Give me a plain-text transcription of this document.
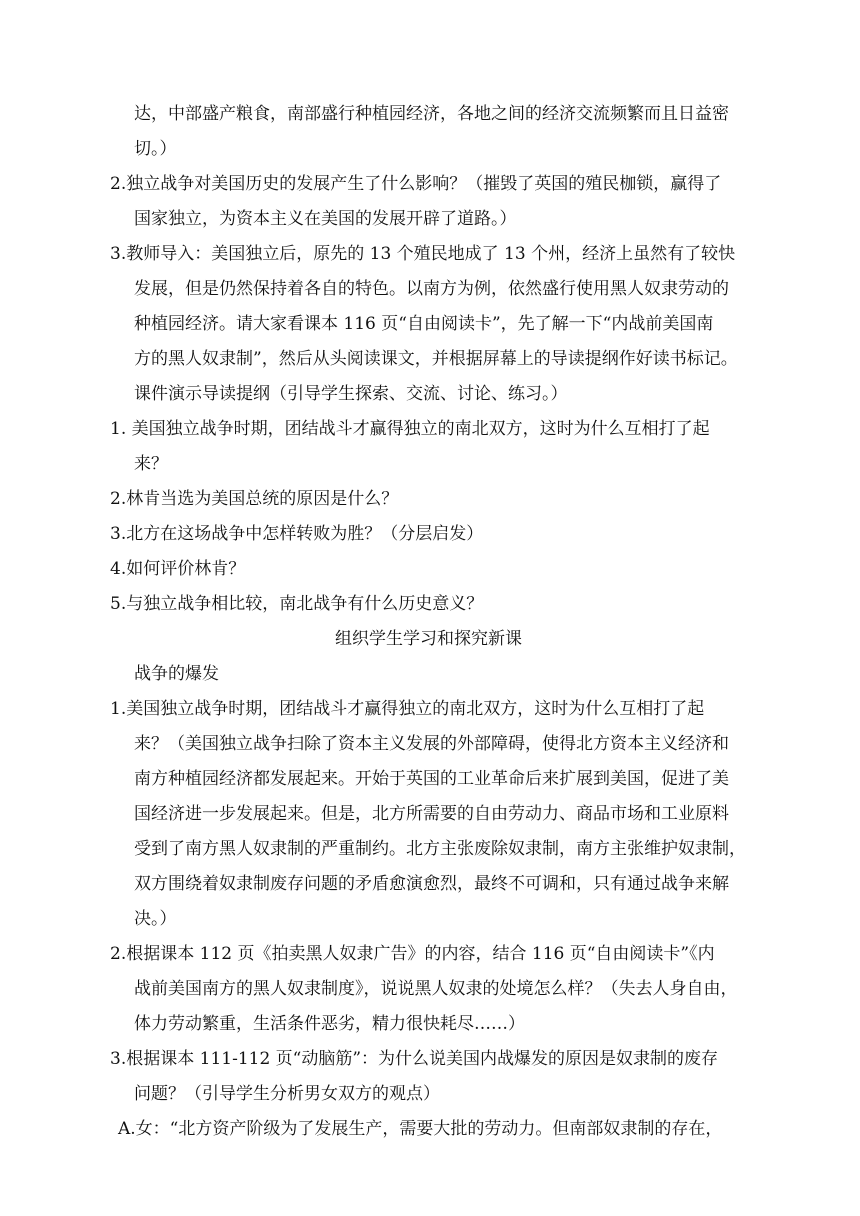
达，中部盛产粮食，南部盛行种植园经济，各地之间的经济交流频繁而且日益密
切。）
2.独立战争对美国历史的发展产生了什么影响？（摧毁了英国的殖民枷锁，赢得了
国家独立，为资本主义在美国的发展开辟了道路。）
3.教师导入：美国独立后，原先的 13 个殖民地成了 13 个州，经济上虽然有了较快
发展，但是仍然保持着各自的特色。以南方为例，依然盛行使用黑人奴隶劳动的
种植园经济。请大家看课本 116 页“自由阅读卡”，先了解一下“内战前美国南
方的黑人奴隶制”，然后从头阅读课文，并根据屏幕上的导读提纲作好读书标记。
课件演示导读提纲（引导学生探索、交流、讨论、练习。）
1. 美国独立战争时期，团结战斗才赢得独立的南北双方，这时为什么互相打了起
来？
2.林肯当选为美国总统的原因是什么？
3.北方在这场战争中怎样转败为胜？（分层启发）
4.如何评价林肯？
5.与独立战争相比较，南北战争有什么历史意义？
组织学生学习和探究新课
战争的爆发
1.美国独立战争时期，团结战斗才赢得独立的南北双方，这时为什么互相打了起
来？（美国独立战争扫除了资本主义发展的外部障碍，使得北方资本主义经济和
南方种植园经济都发展起来。开始于英国的工业革命后来扩展到美国，促进了美
国经济进一步发展起来。但是，北方所需要的自由劳动力、商品市场和工业原料
受到了南方黑人奴隶制的严重制约。北方主张废除奴隶制，南方主张维护奴隶制，
双方围绕着奴隶制废存问题的矛盾愈演愈烈，最终不可调和，只有通过战争来解
决。）
2.根据课本 112 页《拍卖黑人奴隶广告》的内容，结合 116 页“自由阅读卡”《内
战前美国南方的黑人奴隶制度》，说说黑人奴隶的处境怎么样？（失去人身自由，
体力劳动繁重，生活条件恶劣，精力很快耗尽……）
3.根据课本 111-112 页“动脑筋”：为什么说美国内战爆发的原因是奴隶制的废存
问题？（引导学生分析男女双方的观点）
A.女：“北方资产阶级为了发展生产，需要大批的劳动力。但南部奴隶制的存在，
